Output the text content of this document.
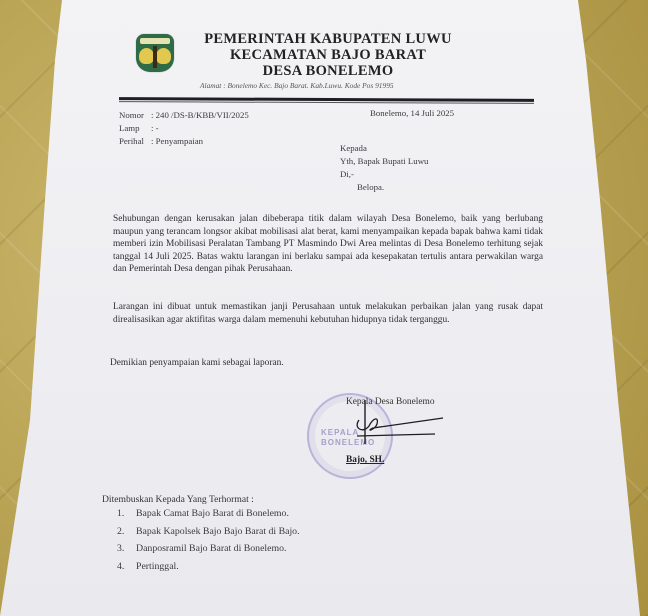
PEMERINTAH KABUPATEN LUWU
KECAMATAN BAJO BARAT
DESA BONELEMO
Alamat : Bonelemo Kec. Bajo Barat. Kab.Luwu. Kode Pos 91995
Nomor : 240 /DS-B/KBB/VII/2025
Lamp : -
Perihal : Penyampaian
Bonelemo, 14 Juli 2025
Kepada
Yth, Bapak Bupati Luwu
Di,-
Belopa.

Sehubungan dengan kerusakan jalan dibeberapa titik dalam wilayah Desa Bonelemo, baik yang berlubang maupun yang terancam longsor akibat mobilisasi alat berat, kami menyampaikan kepada bapak bahwa kami tidak memberi izin Mobilisasi Peralatan Tambang PT Masmindo Dwi Area melintas di Desa Bonelemo terhitung sejak tanggal 14 Juli 2025. Batas waktu larangan ini berlaku sampai ada kesepakatan tertulis antara perwakilan warga dan Pemerintah Desa dengan pihak Perusahaan.

Larangan ini dibuat untuk memastikan janji Perusahaan untuk melakukan perbaikan jalan yang rusak dapat direalisasikan agar aktifitas warga dalam memenuhi kebutuhan hidupnya tidak terganggu.

Demikian penyampaian kami sebagai laporan.

KEPALA
BONELEMO
Kepala Desa Bonelemo
Bajo, SH.
Ditembuskan Kepada Yang Terhormat :
1. Bapak Camat Bajo Barat di Bonelemo.
2. Bapak Kapolsek Bajo Bajo Barat di Bajo.
3. Danposramil Bajo Barat di Bonelemo.
4. Pertinggal.
